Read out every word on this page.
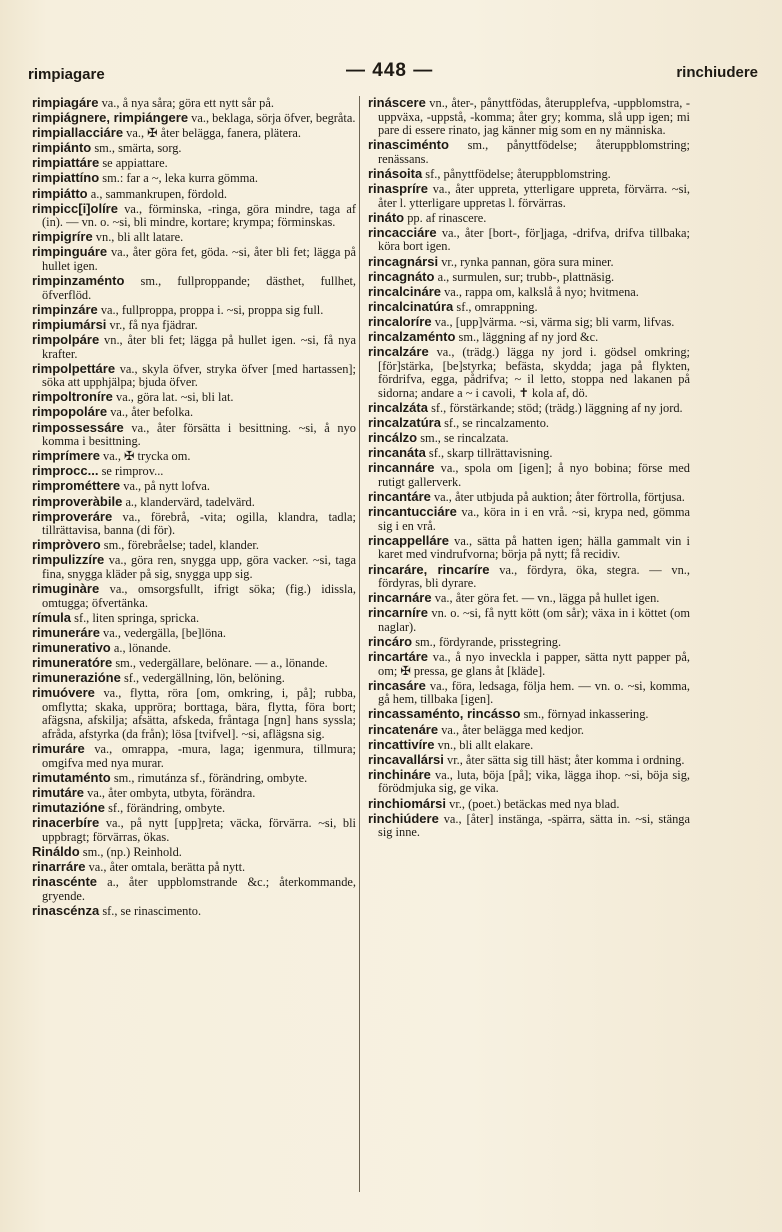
rimpiagare	— 448 —	rinchiudere
rimpiagáre va., å nya såra; göra ett nytt sår på.
rimpiágnere, rimpiángere va., beklaga, sörja öfver, begråta.
rimpiallacciáre va., ✠ åter belägga, fanera, plätera.
rimpiánto sm., smärta, sorg.
rimpiattáre se appiattare.
rimpiattíno sm.: far a ~, leka kurra gömma.
rimpiátto a., sammankrupen, fördold.
rimpicc[i]olíre va., förminska, -ringa, göra mindre, taga af (in). — vn. o. ~si, bli mindre, kortare; krympa; förminskas.
rimpigríre vn., bli allt latare.
rimpinguáre va., åter göra fet, göda. ~si, åter bli fet; lägga på hullet igen.
rimpinzaménto sm., fullproppande; dästhet, fullhet, öfverflöd.
rimpinzáre va., fullproppa, proppa i. ~si, proppa sig full.
rimpiumársi vr., få nya fjädrar.
rimpolpáre vn., åter bli fet; lägga på hullet igen. ~si, få nya krafter.
rimpolpettáre va., skyla öfver, stryka öfver [med hartassen]; söka att upphjälpa; bjuda öfver.
rimpoltroníre va., göra lat. ~si, bli lat.
rimpopoláre va., åter befolka.
rimpossessáre va., åter försätta i besittning. ~si, å nyo komma i besittning.
rimprímere va., ✠ trycka om.
rimprocc... se rimprov...
rimprométtere va., på nytt lofva.
rimproveràbile a., klandervärd, tadelvärd.
rimproveráre va., förebrå, -vita; ogilla, klandra, tadla; tillrättavisa, banna (di för).
rimpròvero sm., förebråelse; tadel, klander.
rimpulizzíre va., göra ren, snygga upp, göra vacker. ~si, taga fina, snygga kläder på sig, snygga upp sig.
rimuginàre va., omsorgsfullt, ifrigt söka; (fig.) idissla, omtugga; öfvertänka.
rímula sf., liten springa, spricka.
rimuneráre va., vedergälla, [be]löna.
rimunerativo a., lönande.
rimuneratóre sm., vedergällare, belönare. — a., lönande.
rimunerazióne sf., vedergällning, lön, belöning.
rimuóvere va., flytta, röra [om, omkring, i, på]; rubba, omflytta; skaka, uppröra; borttaga, bära, flytta, föra bort; afägsna, afskilja; afsätta, afskeda, fråntaga [ngn] hans syssla; afråda, afstyrka (da från); lösa [tvifvel]. ~si, aflägsna sig.
rimuráre va., omrappa, -mura, laga; igenmura, tillmura; omgifva med nya murar.
rimutaménto sm., rimutánza sf., förändring, ombyte.
rimutáre va., åter ombyta, utbyta, förändra.
rimutazióne sf., förändring, ombyte.
rinacerbíre va., på nytt [upp]reta; väcka, förvärra. ~si, bli uppbragt; förvärras, ökas.
Rináldo sm., (np.) Reinhold.
rinarráre va., åter omtala, berätta på nytt.
rinascénte a., åter uppblomstrande &c.; återkommande, gryende.
rinascénza sf., se rinascimento.
rináscere vn., åter-, pånyttfödas, återupplefva, -uppblomstra, -uppväxa, -uppstå, -komma; åter gry; komma, slå upp igen; mi pare di essere rinato, jag känner mig som en ny människa.
rinasciménto sm., pånyttfödelse; återuppblomstring; renässans.
rinásoita sf., pånyttfödelse; återuppblomstring.
rinaspríre va., åter uppreta, ytterligare uppreta, förvärra. ~si, åter l. ytterligare uppretas l. förvärras.
rináto pp. af rinascere.
rincacciáre va., åter [bort-, för]jaga, -drifva, drifva tillbaka; köra bort igen.
rincagnársi vr., rynka pannan, göra sura miner.
rincagnáto a., surmulen, sur; trubb-, plattnäsig.
rincalcináre va., rappa om, kalkslå å nyo; hvitmena.
rincalcinatúra sf., omrappning.
rincaloríre va., [upp]värma. ~si, värma sig; bli varm, lifvas.
rincalzaménto sm., läggning af ny jord &c.
rincalzáre va., (trädg.) lägga ny jord i. gödsel omkring; [för]stärka, [be]styrka; befästa, skydda; jaga på flykten, fördrifva, egga, pådrifva; ~ il letto, stoppa ned lakanen på sidorna; andare a ~ i cavoli, ✝ kola af, dö.
rincalzáta sf., förstärkande; stöd; (trädg.) läggning af ny jord.
rincalzatúra sf., se rincalzamento.
rincálzo sm., se rincalzata.
rincanáta sf., skarp tillrättavisning.
rincannáre va., spola om [igen]; å nyo bobina; förse med rutigt gallerverk.
rincantáre va., åter utbjuda på auktion; åter förtrolla, förtjusa.
rincantucciáre va., köra in i en vrå. ~si, krypa ned, gömma sig i en vrå.
rincappelláre va., sätta på hatten igen; hälla gammalt vin i karet med vindrufvorna; börja på nytt; få recidiv.
rincaráre, rincaríre va., fördyra, öka, stegra. — vn., fördyras, bli dyrare.
rincarnáre va., åter göra fet. — vn., lägga på hullet igen.
rincarníre vn. o. ~si, få nytt kött (om sår); växa in i köttet (om naglar).
rincáro sm., fördyrande, prisstegring.
rincartáre va., å nyo inveckla i papper, sätta nytt papper på, om; ✠ pressa, ge glans åt [kläde].
rincasáre va., föra, ledsaga, följa hem. — vn. o. ~si, komma, gå hem, tillbaka [igen].
rincassaménto, rincásso sm., förnyad inkassering.
rincatenáre va., åter belägga med kedjor.
rincattivíre vn., bli allt elakare.
rincavallársi vr., åter sätta sig till häst; åter komma i ordning.
rinchináre va., luta, böja [på]; vika, lägga ihop. ~si, böja sig, förödmjuka sig, ge vika.
rinchiomársi vr., (poet.) betäckas med nya blad.
rinchiúdere va., [åter] instänga, -spärra, sätta in. ~si, stänga sig inne.
